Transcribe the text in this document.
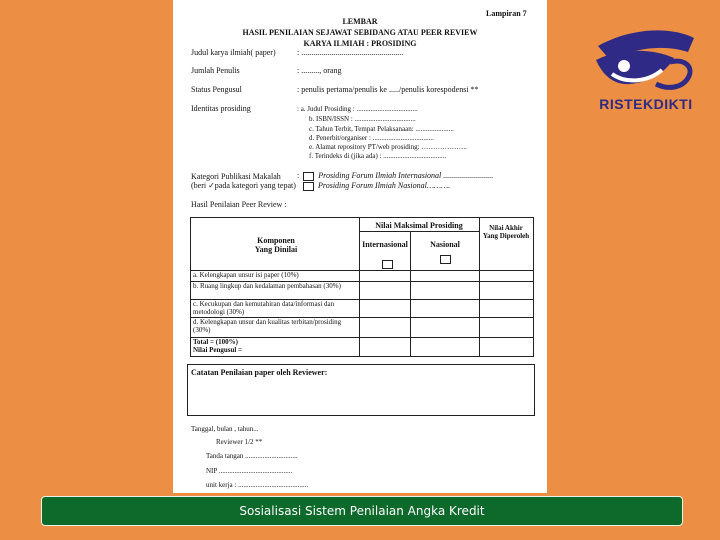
Lampiran 7
LEMBAR
HASIL PENILAIAN SEJAWAT SEBIDANG ATAU PEER REVIEW
KARYA ILMIAH : PROSIDING
Judul karya ilmiah( paper)	: ...................................................
Jumlah Penulis	: ........., orang
Status Pengusul	: penulis pertama/penulis ke ...../penulis korespodensi **
Identitas prosiding	: a. Judul Prosiding : ...................................
b. ISBN/ISSN : ...................................
c. Tahun Terbit, Tempat Pelaksanaan: ......................
d. Penerbit/organiser : ...................................
e. Alamat repository PT/web prosiding: ………………..
f. Terindeks di (jika ada) : ....................................
Kategori Publikasi Makalah
(beri ✓pada kategori yang tepat)
:  Prosiding Forum Ilmiah Internasional .........................
Prosiding Forum Ilmiah Nasional……….
Hasil Penilaian Peer Review :
Komponen Yang Dinilai
Nilai Maksimal Prosiding
Internasional	Nasional
Nilai Akhir Yang Diperoleh
a. Kelengkapan unsur isi paper (10%)
b. Ruang lingkup dan kedalaman pembahasan (30%)
c. Kecukupan dan kemutahiran data/informasi dan metodologi (30%)
d. Kelengkapan unsur dan kualitas terbitan/prosiding (30%)
Total = (100%)
Nilai Pengusul =
Catatan Penilaian paper oleh Reviewer:
Tanggal, bulan , tahun...
Reviewer 1/2 **
Tanda tangan ..............................
NIP ..........................................
unit kerja : ........................................
RISTEKDIKTI
Sosialisasi Sistem Penilaian Angka Kredit
